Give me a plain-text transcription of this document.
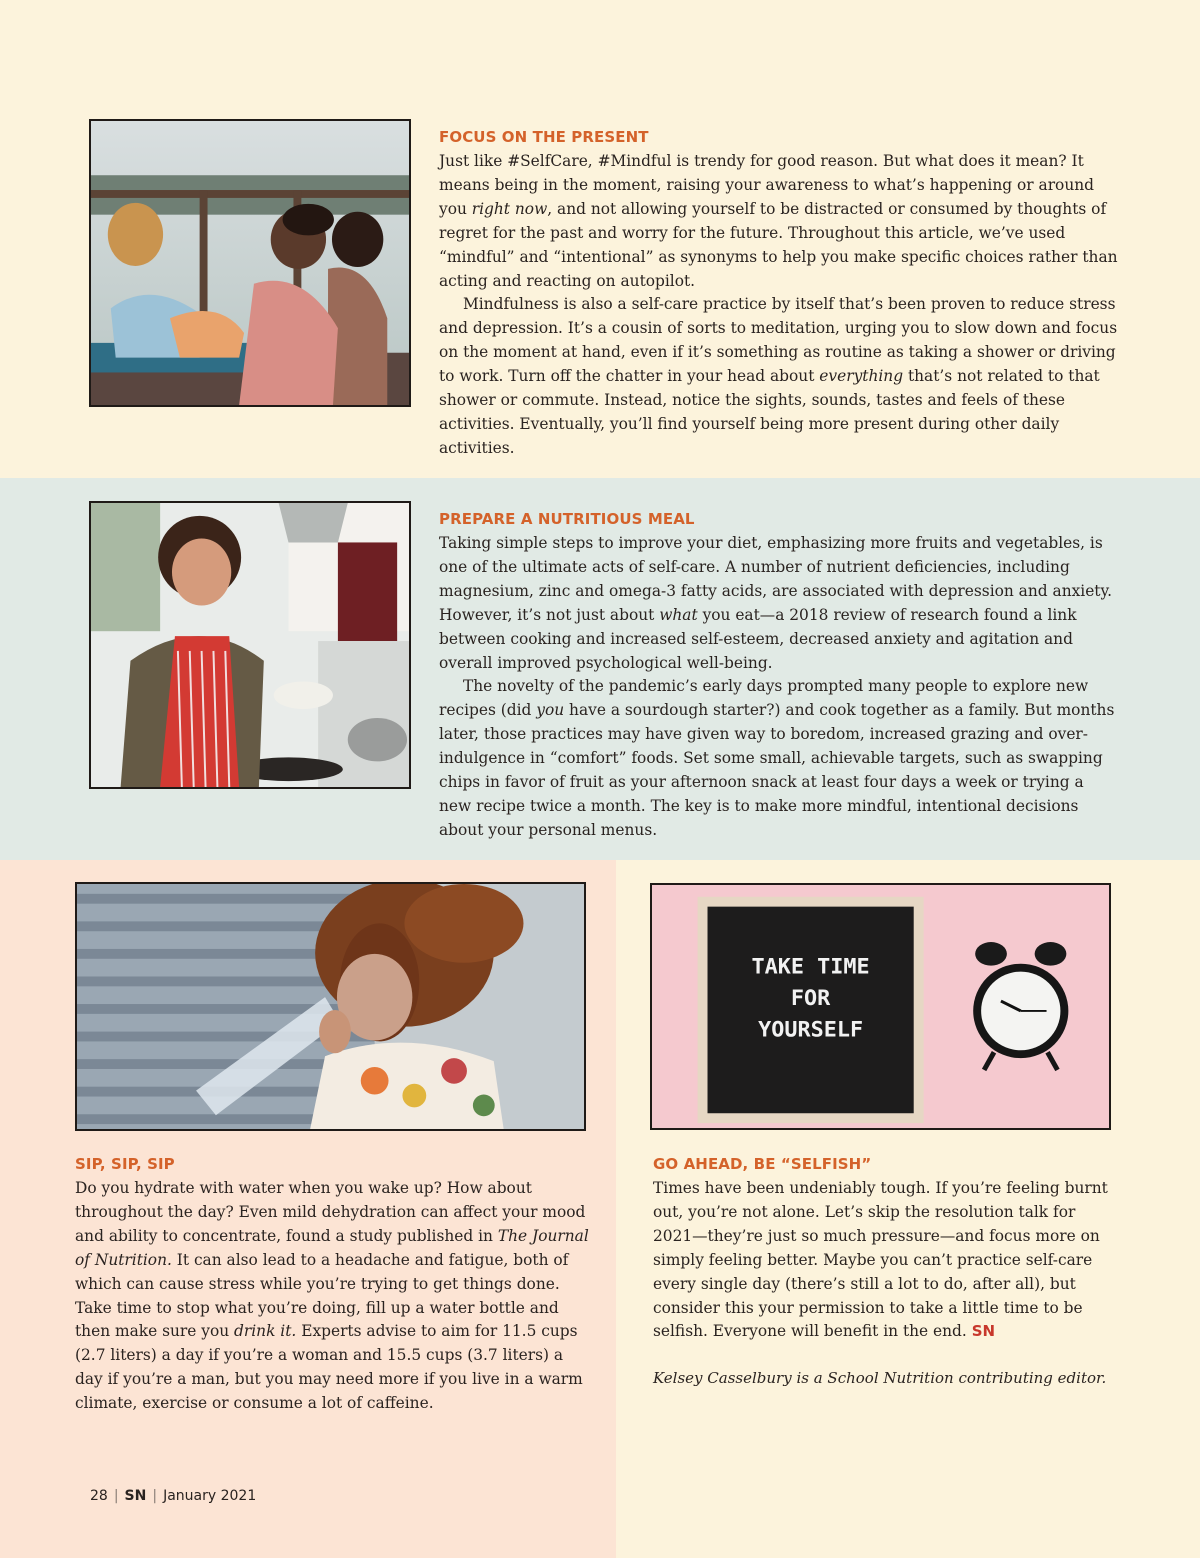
TAKE TIME
FOR
YOURSELF
FOCUS ON THE PRESENT

Just like #SelfCare, #Mindful is trendy for good reason. But what does it mean? It means being in the moment, raising your awareness to what’s happening or around you right now, and not allowing yourself to be distracted or consumed by thoughts of regret for the past and worry for the future. Throughout this article, we’ve used “mindful” and “intentional” as synonyms to help you make specific choices rather than acting and reacting on autopilot.

Mindfulness is also a self-care practice by itself that’s been proven to reduce stress and depression. It’s a cousin of sorts to meditation, urging you to slow down and focus on the moment at hand, even if it’s something as routine as taking a shower or driving to work. Turn off the chatter in your head about everything that’s not related to that shower or commute. Instead, notice the sights, sounds, tastes and feels of these activities. Eventually, you’ll find yourself being more present during other daily activities.

PREPARE A NUTRITIOUS MEAL

Taking simple steps to improve your diet, emphasizing more fruits and vegetables, is one of the ultimate acts of self-care. A number of nutrient deficiencies, including magnesium, zinc and omega-3 fatty acids, are associated with depression and anxiety. However, it’s not just about what you eat—a 2018 review of research found a link between cooking and increased self-esteem, decreased anxiety and agitation and overall improved psychological well-being.

The novelty of the pandemic’s early days prompted many people to explore new recipes (did you have a sourdough starter?) and cook together as a family. But months later, those practices may have given way to boredom, increased grazing and over-indulgence in “comfort” foods. Set some small, achievable targets, such as swapping chips in favor of fruit as your afternoon snack at least four days a week or trying a new recipe twice a month. The key is to make more mindful, intentional decisions about your personal menus.

SIP, SIP, SIP

Do you hydrate with water when you wake up? How about throughout the day? Even mild dehydration can affect your mood and ability to concentrate, found a study published in The Journal of Nutrition. It can also lead to a headache and fatigue, both of which can cause stress while you’re trying to get things done. Take time to stop what you’re doing, fill up a water bottle and then make sure you drink it. Experts advise to aim for 11.5 cups (2.7 liters) a day if you’re a woman and 15.5 cups (3.7 liters) a day if you’re a man, but you may need more if you live in a warm climate, exercise or consume a lot of caffeine.

GO AHEAD, BE “SELFISH”

Times have been undeniably tough. If you’re feeling burnt out, you’re not alone. Let’s skip the resolution talk for 2021—they’re just so much pressure—and focus more on simply feeling better. Maybe you can’t practice self-care every single day (there’s still a lot to do, after all), but consider this your permission to take a little time to be selfish. Everyone will benefit in the end. SN

Kelsey Casselbury is a School Nutrition contributing editor.

28 | SN | January 2021
